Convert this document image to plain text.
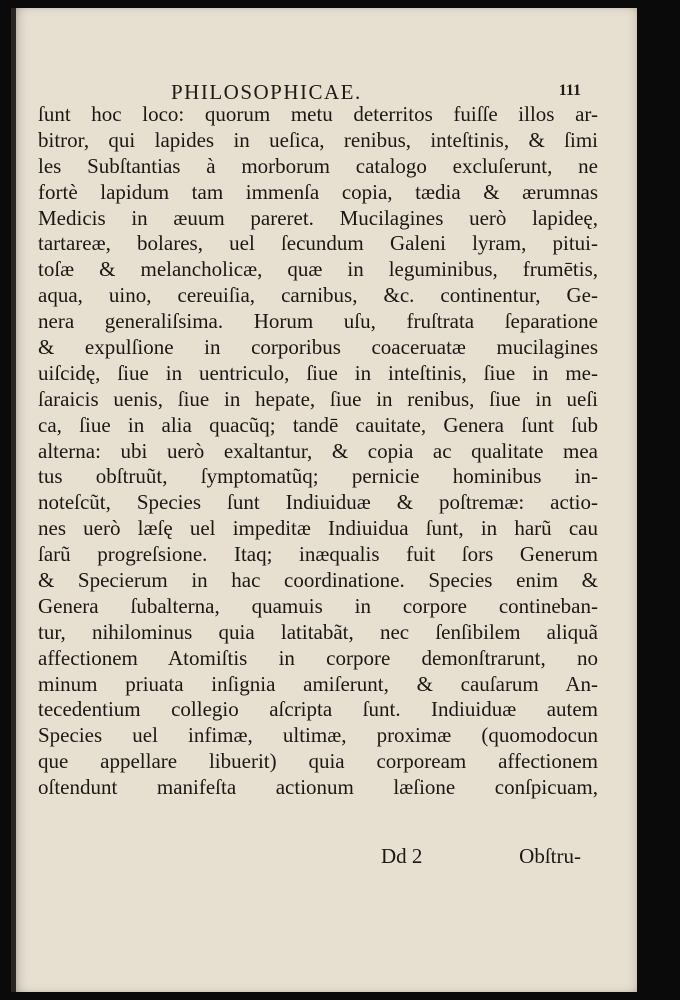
PHILOSOPHICAE.	111
ſunt hoc loco: quorum metu deterritos fuiſſe illos ar-
bitror, qui lapides in ueſica, renibus, inteſtinis, & ſimi
les Subſtantias à morborum catalogo excluſerunt, ne
fortè lapidum tam immenſa copia, tædia & ærumnas
Medicis in æuum pareret. Mucilagines uerò lapideę,
tartareæ, bolares, uel ſecundum Galeni lyram, pitui-
toſæ & melancholicæ, quæ in leguminibus, frumētis,
aqua, uino, cereuiſia, carnibus, &c. continentur, Ge-
nera generaliſsima. Horum uſu, fruſtrata ſeparatione
& expulſione in corporibus coaceruatæ mucilagines
uiſcidę, ſiue in uentriculo, ſiue in inteſtinis, ſiue in me-
ſaraicis uenis, ſiue in hepate, ſiue in renibus, ſiue in ueſi
ca, ſiue in alia quacũq; tandē cauitate, Genera ſunt ſub
alterna: ubi uerò exaltantur, & copia ac qualitate mea
tus obſtruũt, ſymptomatũq; pernicie hominibus in-
noteſcũt, Species ſunt Indiuiduæ & poſtremæ: actio-
nes uerò læſę uel impeditæ Indiuidua ſunt, in harũ cau
ſarũ progreſsione. Itaq; inæqualis fuit ſors Generum
& Specierum in hac coordinatione. Species enim &
Genera ſubalterna, quamuis in corpore contineban-
tur, nihilominus quia latitabãt, nec ſenſibilem aliquã
affectionem Atomiſtis in corpore demonſtrarunt, no
minum priuata inſignia amiſerunt, & cauſarum An-
tecedentium collegio aſcripta ſunt. Indiuiduæ autem
Species uel infimæ, ultimæ, proximæ (quomodocun
que appellare libuerit) quia corpoream affectionem
oſtendunt manifeſta actionum læſione conſpicuam,
Dd 2	Obſtru-
